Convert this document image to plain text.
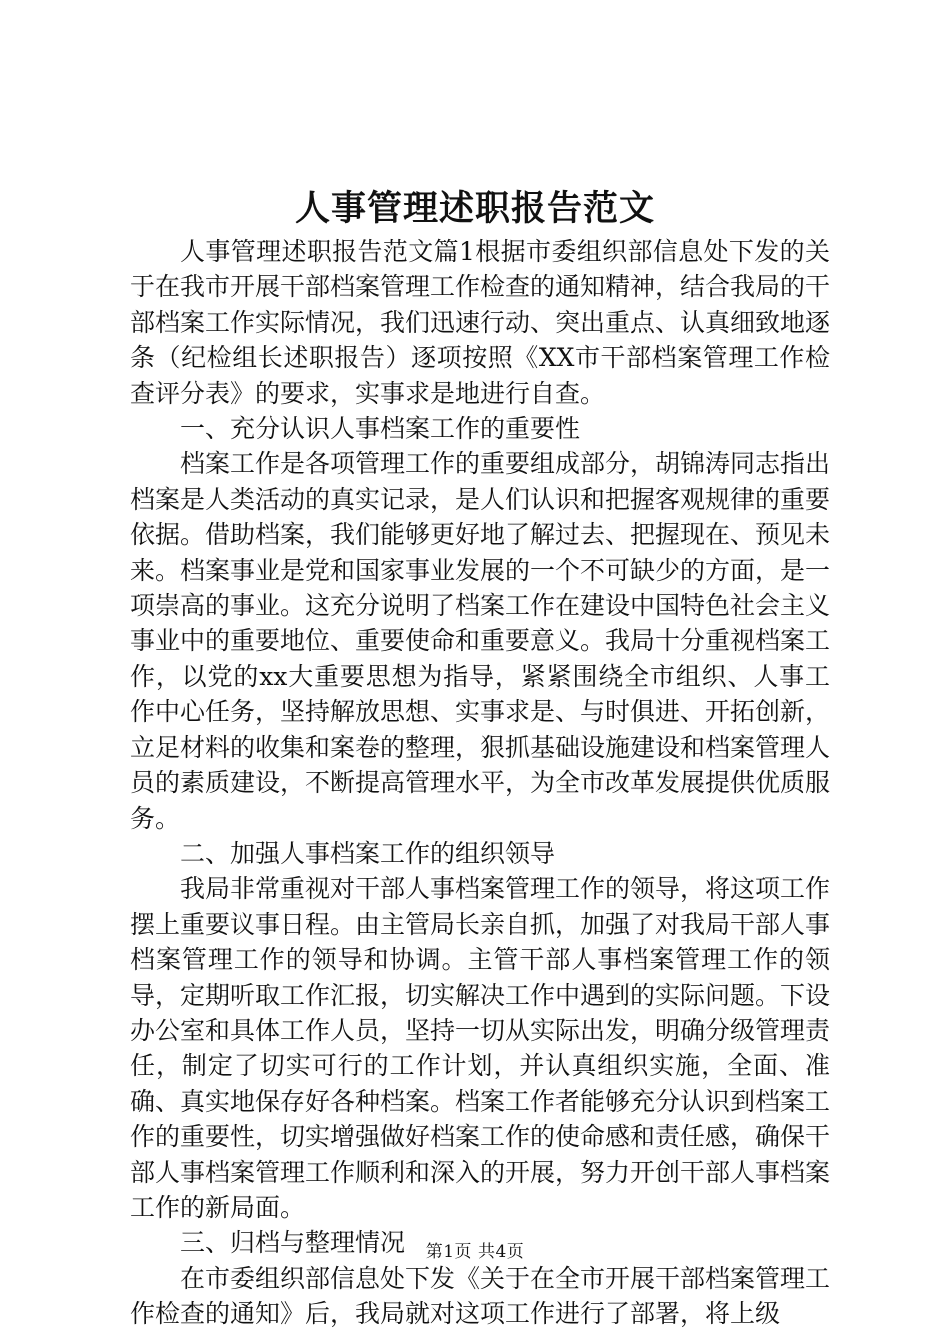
人事管理述职报告范文

人事管理述职报告范文篇1根据市委组织部信息处下发的关于在我市开展干部档案管理工作检查的通知精神，结合我局的干部档案工作实际情况，我们迅速行动、突出重点、认真细致地逐条（纪检组长述职报告）逐项按照《XX市干部档案管理工作检查评分表》的要求，实事求是地进行自查。

一、充分认识人事档案工作的重要性

档案工作是各项管理工作的重要组成部分，胡锦涛同志指出档案是人类活动的真实记录，是人们认识和把握客观规律的重要依据。借助档案，我们能够更好地了解过去、把握现在、预见未来。档案事业是党和国家事业发展的一个不可缺少的方面，是一项崇高的事业。这充分说明了档案工作在建设中国特色社会主义事业中的重要地位、重要使命和重要意义。我局十分重视档案工作，以党的xx大重要思想为指导，紧紧围绕全市组织、人事工作中心任务，坚持解放思想、实事求是、与时俱进、开拓创新，立足材料的收集和案卷的整理，狠抓基础设施建设和档案管理人员的素质建设，不断提高管理水平，为全市改革发展提供优质服务。

二、加强人事档案工作的组织领导

我局非常重视对干部人事档案管理工作的领导，将这项工作摆上重要议事日程。由主管局长亲自抓，加强了对我局干部人事档案管理工作的领导和协调。主管干部人事档案管理工作的领导，定期听取工作汇报，切实解决工作中遇到的实际问题。下设办公室和具体工作人员，坚持一切从实际出发，明确分级管理责任，制定了切实可行的工作计划，并认真组织实施，全面、准确、真实地保存好各种档案。档案工作者能够充分认识到档案工作的重要性，切实增强做好档案工作的使命感和责任感，确保干部人事档案管理工作顺利和深入的开展，努力开创干部人事档案工作的新局面。

三、归档与整理情况

在市委组织部信息处下发《关于在全市开展干部档案管理工作检查的通知》后，我局就对这项工作进行了部署，将上级

第1页 共4页
